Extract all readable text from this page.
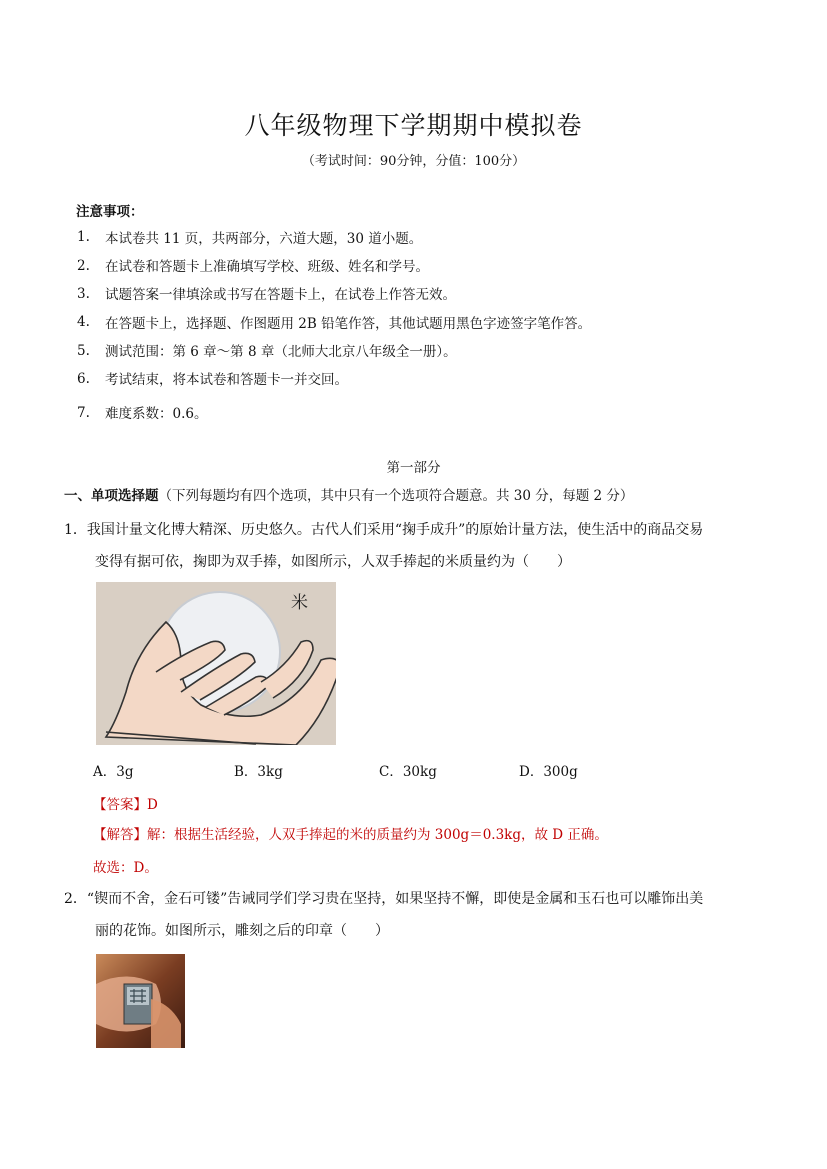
八年级物理下学期期中模拟卷
（考试时间：90分钟，分值：100分）
注意事项：
1. 本试卷共 11 页，共两部分，六道大题，30 道小题。
2. 在试卷和答题卡上准确填写学校、班级、姓名和学号。
3. 试题答案一律填涂或书写在答题卡上，在试卷上作答无效。
4. 在答题卡上，选择题、作图题用 2B 铅笔作答，其他试题用黑色字迹签字笔作答。
5. 测试范围：第 6 章～第 8 章（北师大北京八年级全一册）。
6. 考试结束，将本试卷和答题卡一并交回。
7. 难度系数：0.6。
第一部分
一、单项选择题（下列每题均有四个选项，其中只有一个选项符合题意。共 30 分，每题 2 分）
1．我国计量文化博大精深、历史悠久。古代人们采用“掬手成升”的原始计量方法，使生活中的商品交易
变得有据可依，掬即为双手捧，如图所示，人双手捧起的米质量约为（　　）
米
A．3g	B．3kg	C．30kg	D．300g
【答案】D
【解答】解：根据生活经验，人双手捧起的米的质量约为 300g＝0.3kg，故 D 正确。
故选：D。
2．“锲而不舍，金石可镂”告诫同学们学习贵在坚持，如果坚持不懈，即使是金属和玉石也可以雕饰出美
丽的花饰。如图所示，雕刻之后的印章（　　）
